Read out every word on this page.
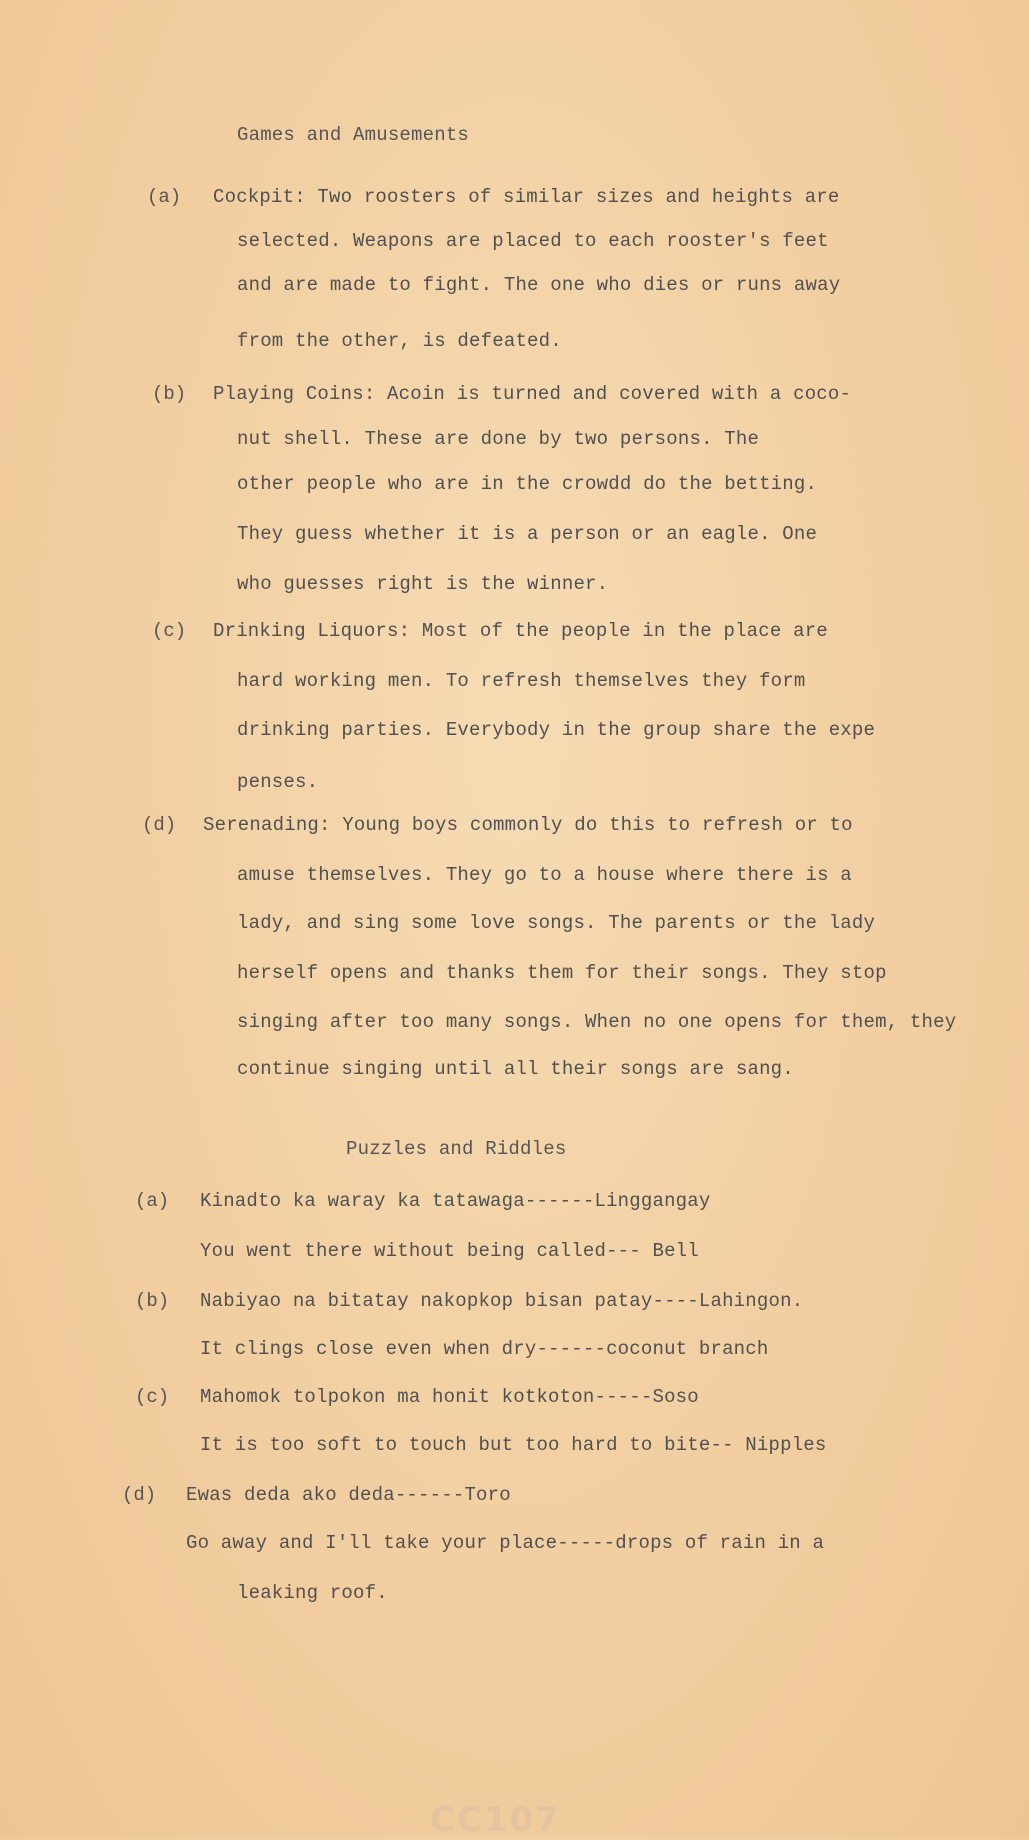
Games and Amusements
(a) Cockpit: Two roosters of similar sizes and heights are
selected. Weapons are placed to each rooster's feet
and are made to fight. The one who dies or runs away
from the other, is defeated.
(b) Playing Coins: Acoin is turned and covered with a coco-
nut shell. These are done by two persons. The
other people who are in the crowdd do the betting.
They guess whether it is a person or an eagle. One
who guesses right is the winner.
(c) Drinking Liquors: Most of the people in the place are
hard working men. To refresh themselves they form
drinking parties. Everybody in the group share the expe
penses.
(d) Serenading: Young boys commonly do this to refresh or to
amuse themselves. They go to a house where there is a
lady, and sing some love songs. The parents or the lady
herself opens and thanks them for their songs. They stop
singing after too many songs. When no one opens for them, they
continue singing until all their songs are sang.
Puzzles and Riddles
(a) Kinadto ka waray ka tatawaga------Linggangay
You went there without being called--- Bell
(b) Nabiyao na bitatay nakopkop bisan patay----Lahingon.
It clings close even when dry------coconut branch
(c) Mahomok tolpokon ma honit kotkoton-----Soso
It is too soft to touch but too hard to bite-- Nipples
(d) Ewas deda ako deda------Toro
Go away and I'll take your place-----drops of rain in a
leaking roof.
CC107
